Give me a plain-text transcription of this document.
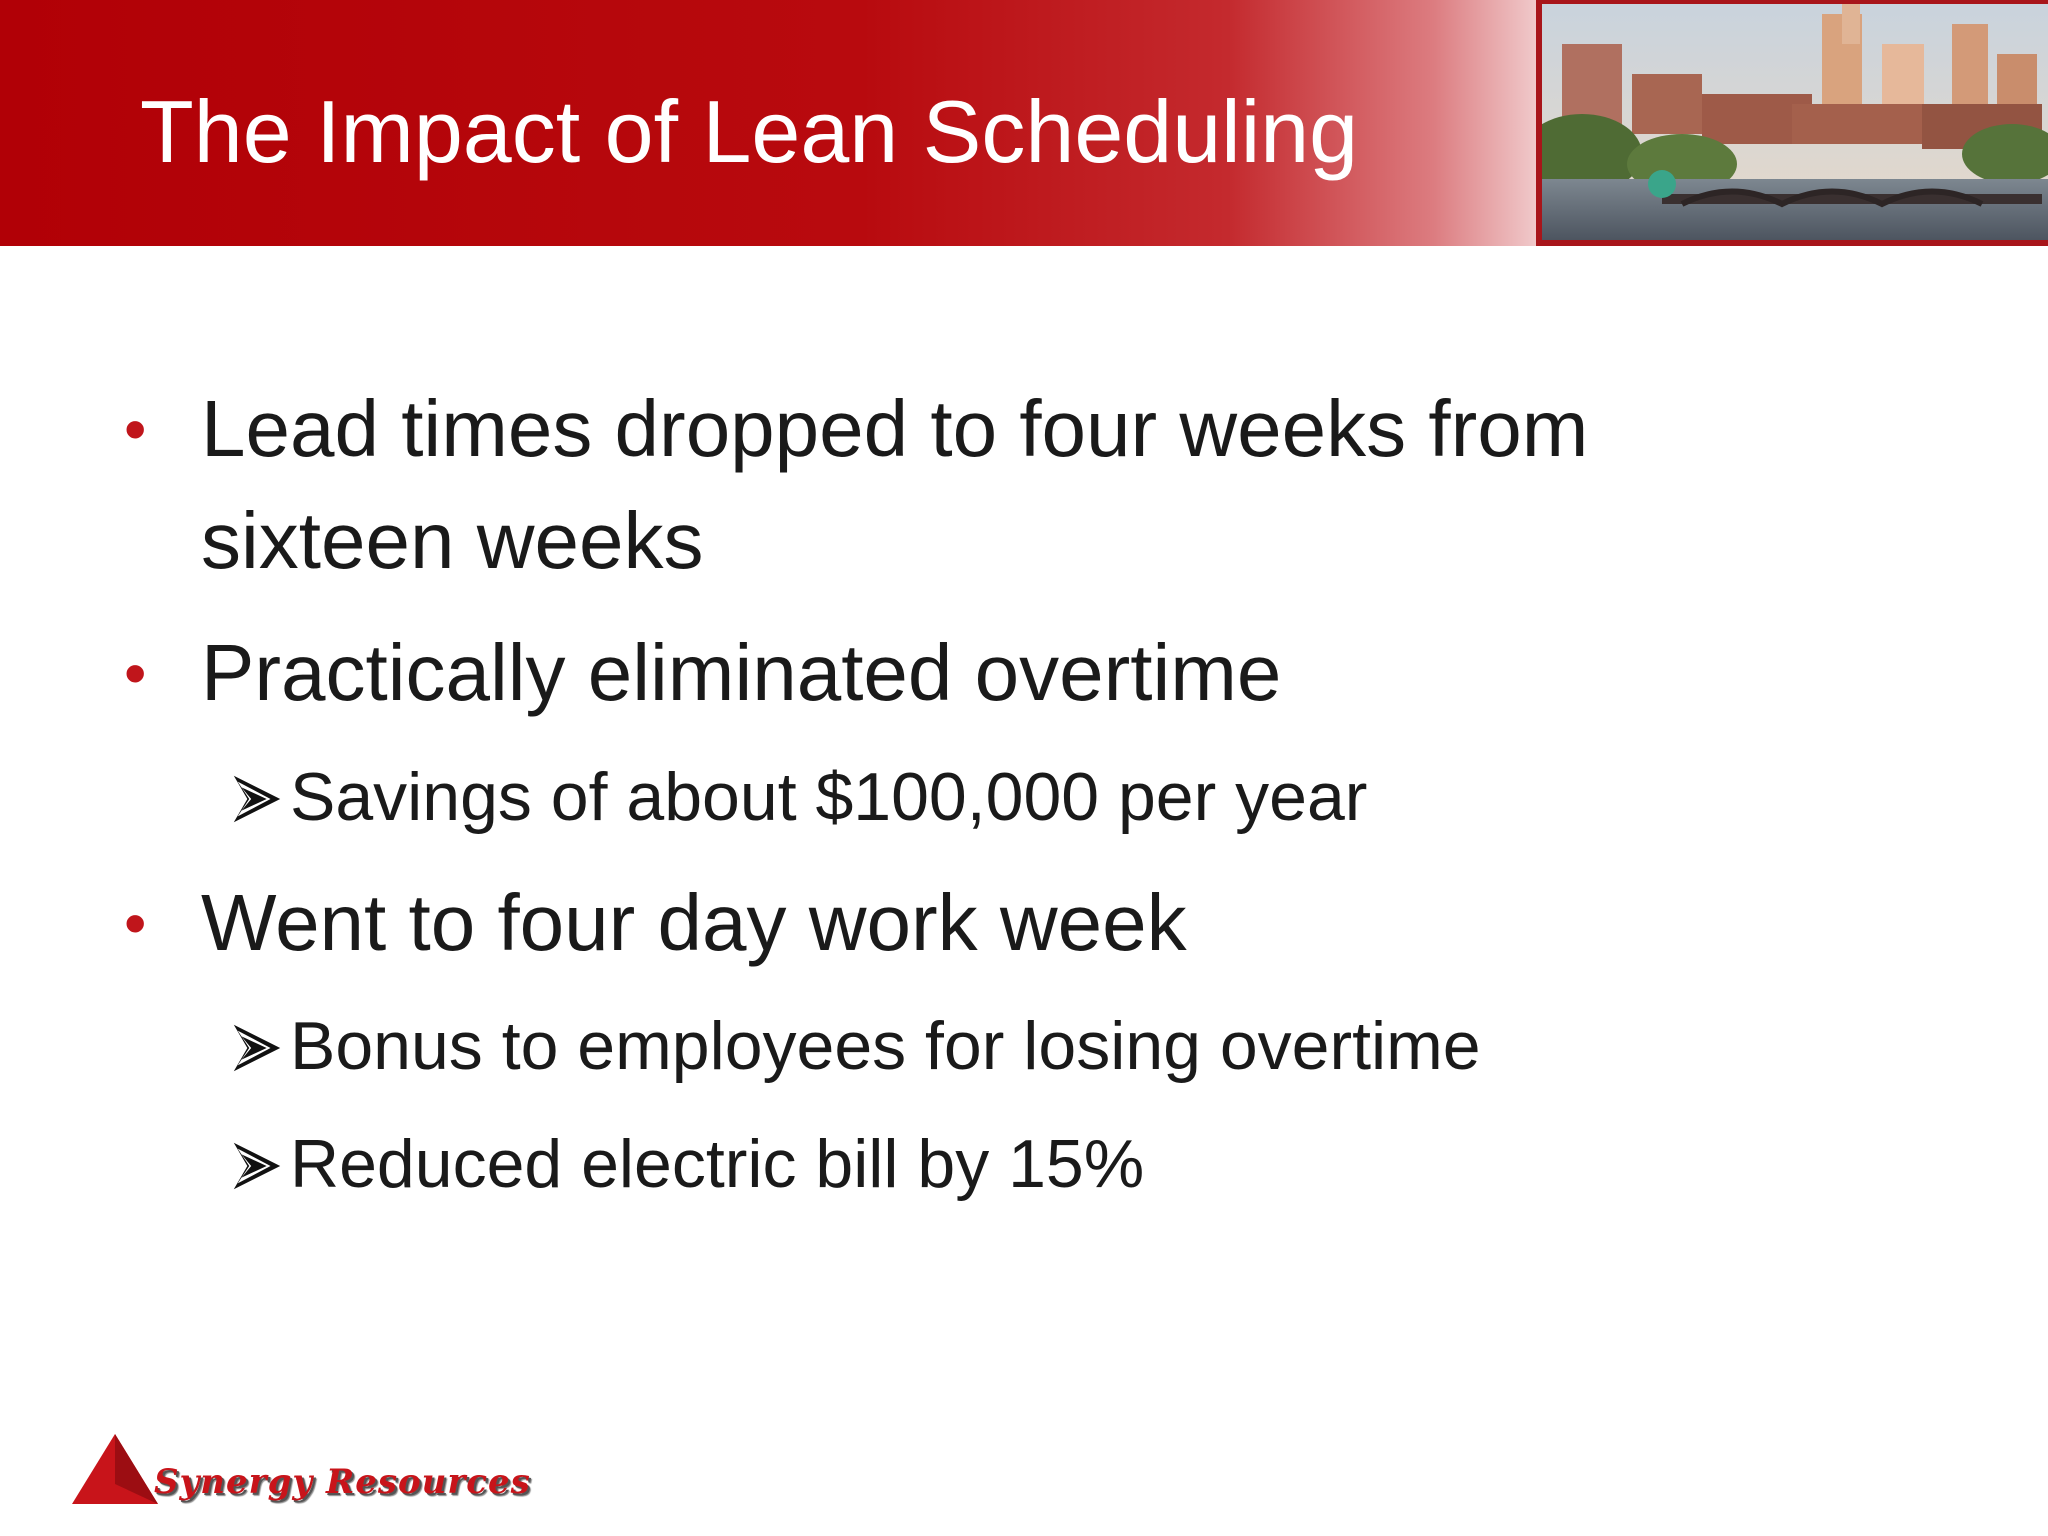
The Impact of Lean Scheduling
• Lead times dropped to four weeks from sixteen weeks
• Practically eliminated overtime
Savings of about $100,000 per year
• Went to four day work week
Bonus to employees for losing overtime
Reduced electric bill by 15%
Synergy Resources
